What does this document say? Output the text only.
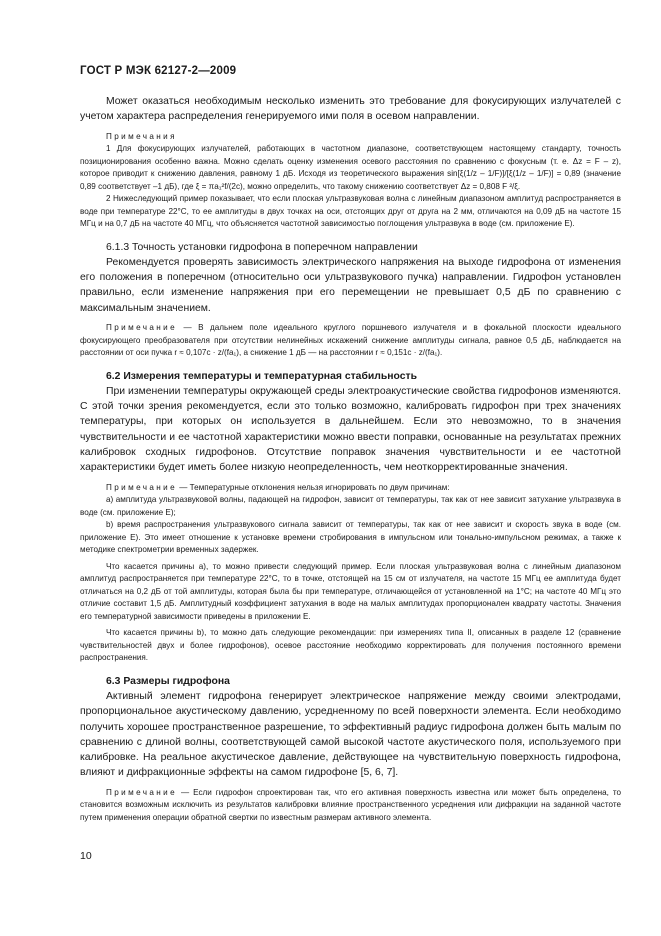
ГОСТ Р МЭК 62127-2—2009

Может оказаться необходимым несколько изменить это требование для фокусирующих излучателей с учетом характера распределения генерируемого ими поля в осевом направлении.

Примечания

1 Для фокусирующих излучателей, работающих в частотном диапазоне, соответствующем настоящему стандарту, точность позиционирования особенно важна. Можно сделать оценку изменения осевого расстояния по сравнению с фокусным (т. е. Δz = F – z), которое приводит к снижению давления, равному 1 дБ. Исходя из теоретического выражения sin[ξ(1/z – 1/F)]/[ξ(1/z – 1/F)] = 0,89 (значение 0,89 соответствует –1 дБ), где ξ = πa₁²f/(2c), можно определить, что такому снижению соответствует Δz = 0,808 F ²/ξ.

2 Нижеследующий пример показывает, что если плоская ультразвуковая волна с линейным диапазоном амплитуд распространяется в воде при температуре 22°C, то ее амплитуды в двух точках на оси, отстоящих друг от друга на 2 мм, отличаются на 0,09 дБ на частоте 15 МГц и на 0,7 дБ на частоте 40 МГц, что объясняется частотной зависимостью поглощения ультразвука в воде (см. приложение Е).

6.1.3 Точность установки гидрофона в поперечном направлении

Рекомендуется проверять зависимость электрического напряжения на выходе гидрофона от изменения его положения в поперечном (относительно оси ультразвукового пучка) направлении. Гидрофон установлен правильно, если изменение напряжения при его перемещении не превышает 0,5 дБ по сравнению с максимальным значением.

Примечание — В дальнем поле идеального круглого поршневого излучателя и в фокальной плоскости идеального фокусирующего преобразователя при отсутствии нелинейных искажений снижение амплитуды сигнала, равное 0,5 дБ, наблюдается на расстоянии от оси пучка r ≈ 0,107c · z/(fa₁), а снижение 1 дБ — на расстоянии r ≈ 0,151c · z/(fa₁).

6.2 Измерения температуры и температурная стабильность

При изменении температуры окружающей среды электроакустические свойства гидрофонов изменяются. С этой точки зрения рекомендуется, если это только возможно, калибровать гидрофон при трех значениях температуры, при которых он используется в дальнейшем. Если это невозможно, то в значения чувствительности и ее частотной характеристики можно ввести поправки, основанные на результатах прежних калибровок сходных гидрофонов. Отсутствие поправок значения чувствительности и ее частотной характеристики будет иметь более низкую неопределенность, чем неоткорректированные значения.

Примечание — Температурные отклонения нельзя игнорировать по двум причинам:

а) амплитуда ультразвуковой волны, падающей на гидрофон, зависит от температуры, так как от нее зависит затухание ультразвука в воде (см. приложение Е);

b) время распространения ультразвукового сигнала зависит от температуры, так как от нее зависит и скорость звука в воде (см. приложение Е). Это имеет отношение к установке времени стробирования в импульсном или тонально-импульсном режимах, а также к методике спектрометрии временных задержек.

Что касается причины а), то можно привести следующий пример. Если плоская ультразвуковая волна с линейным диапазоном амплитуд распространяется при температуре 22°C, то в точке, отстоящей на 15 см от излучателя, на частоте 15 МГц ее амплитуда будет отличаться на 0,2 дБ от той амплитуды, которая была бы при температуре, отличающейся от установленной на 1°C; на частоте 40 МГц это отличие составит 1,5 дБ. Амплитудный коэффициент затухания в воде на малых амплитудах пропорционален квадрату частоты. Значения его температурной зависимости приведены в приложении Е.

Что касается причины b), то можно дать следующие рекомендации: при измерениях типа II, описанных в разделе 12 (сравнение чувствительностей двух и более гидрофонов), осевое расстояние необходимо корректировать для получения постоянного времени распространения.

6.3 Размеры гидрофона

Активный элемент гидрофона генерирует электрическое напряжение между своими электродами, пропорциональное акустическому давлению, усредненному по всей поверхности элемента. Если необходимо получить хорошее пространственное разрешение, то эффективный радиус гидрофона должен быть малым по сравнению с длиной волны, соответствующей самой высокой частоте акустического поля, используемого при калибровке. На реальное акустическое давление, действующее на чувствительную поверхность гидрофона, влияют и дифракционные эффекты на самом гидрофоне [5, 6, 7].

Примечание — Если гидрофон спроектирован так, что его активная поверхность известна или может быть определена, то становится возможным исключить из результатов калибровки влияние пространственного усреднения или дифракции на заданной частоте путем применения операции обратной свертки по известным размерам активного элемента.

10
